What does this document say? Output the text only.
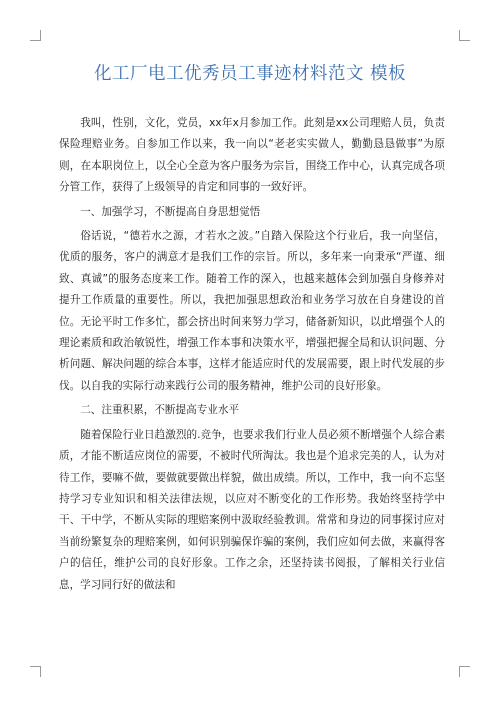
化工厂电工优秀员工事迹材料范文 模板

我叫，性别，文化，党员，xx年x月参加工作。此刻是xx公司理赔人员，负责保险理赔业务。自参加工作以来，我一向以“老老实实做人，勤勤恳恳做事”为原则，在本职岗位上，以全心全意为客户服务为宗旨，围绕工作中心，认真完成各项分管工作，获得了上级领导的肯定和同事的一致好评。

一、加强学习，不断提高自身思想觉悟

俗话说，“德若水之源，才若水之波。”自踏入保险这个行业后，我一向坚信，优质的服务，客户的满意才是我们工作的宗旨。所以，多年来一向秉承“严谨、细致、真诚”的服务态度来工作。随着工作的深入，也越来越体会到加强自身修养对提升工作质量的重要性。所以，我把加强思想政治和业务学习放在自身建设的首位。无论平时工作多忙，都会挤出时间来努力学习，储备新知识，以此增强个人的理论素质和政治敏锐性，增强工作本事和决策水平，增强把握全局和认识问题、分析问题、解决问题的综合本事，这样才能适应时代的发展需要，跟上时代发展的步伐。以自我的实际行动来践行公司的服务精神，维护公司的良好形象。

二、注重积累，不断提高专业水平

随着保险行业日趋激烈的.竞争，也要求我们行业人员必须不断增强个人综合素质，才能不断适应岗位的需要，不被时代所淘汰。我也是个追求完美的人，认为对待工作，要嘛不做，要做就要做出样貌，做出成绩。所以，工作中，我一向不忘坚持学习专业知识和相关法律法规，以应对不断变化的工作形势。我始终坚持学中干、干中学，不断从实际的理赔案例中汲取经验教训。常常和身边的同事探讨应对当前纷繁复杂的理赔案例，如何识别骗保诈骗的案例，我们应如何去做，来赢得客户的信任，维护公司的良好形象。工作之余，还坚持读书阅报，了解相关行业信息，学习同行好的做法和
